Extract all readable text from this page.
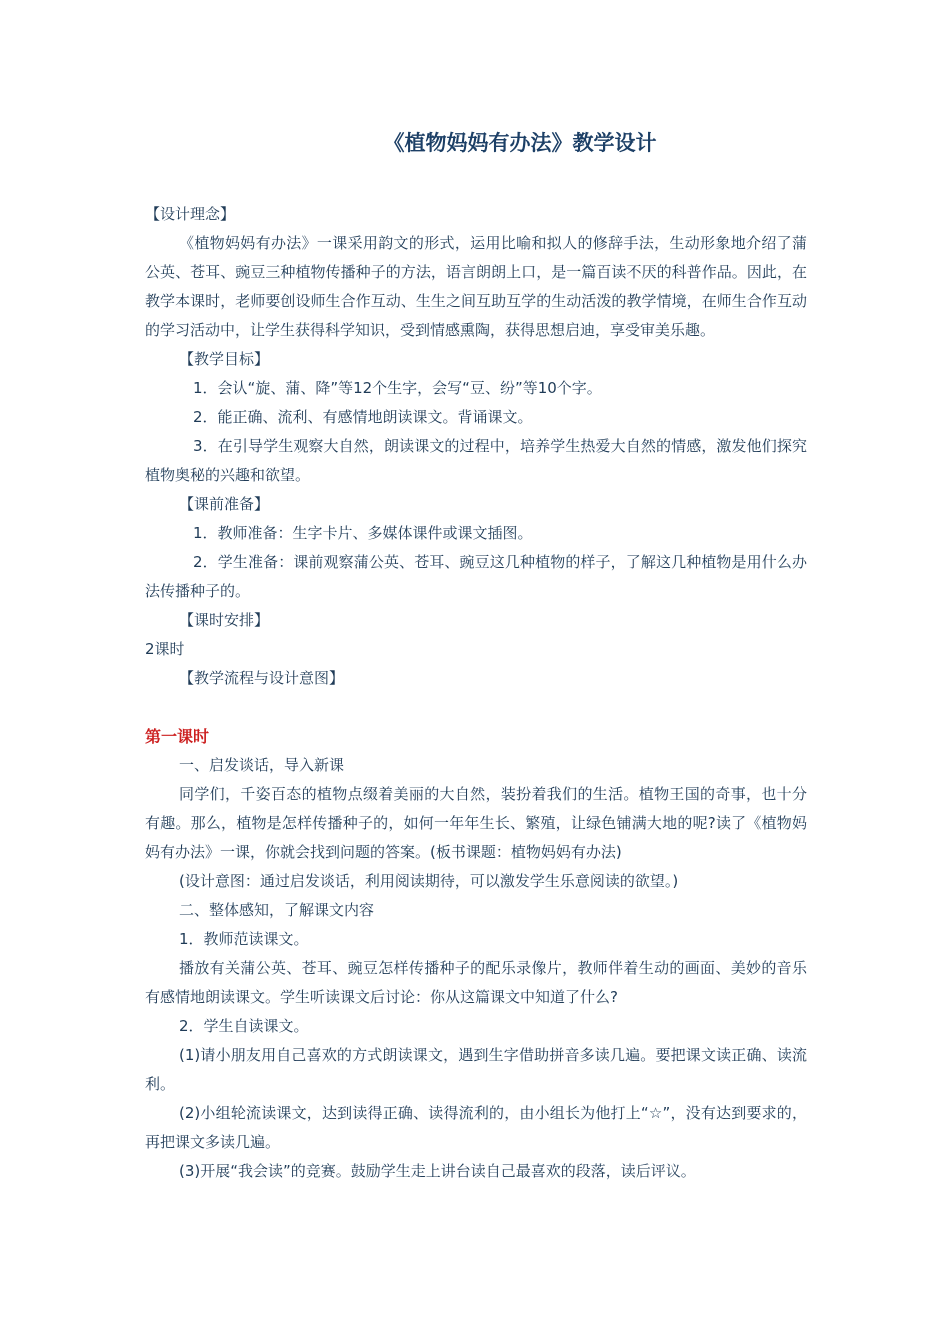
《植物妈妈有办法》教学设计

【设计理念】

《植物妈妈有办法》一课采用韵文的形式，运用比喻和拟人的修辞手法，生动形象地介绍了蒲公英、苍耳、豌豆三种植物传播种子的方法，语言朗朗上口，是一篇百读不厌的科普作品。因此，在教学本课时，老师要创设师生合作互动、生生之间互助互学的生动活泼的教学情境，在师生合作互动的学习活动中，让学生获得科学知识，受到情感熏陶，获得思想启迪，享受审美乐趣。

【教学目标】

1．会认“旋、蒲、降”等12个生字，会写“豆、纷”等10个字。

2．能正确、流利、有感情地朗读课文。背诵课文。

3．在引导学生观察大自然，朗读课文的过程中，培养学生热爱大自然的情感，激发他们探究植物奥秘的兴趣和欲望。

【课前准备】

1．教师准备：生字卡片、多媒体课件或课文插图。

2．学生准备：课前观察蒲公英、苍耳、豌豆这几种植物的样子，了解这几种植物是用什么办法传播种子的。

【课时安排】

2课时

【教学流程与设计意图】

第一课时

一、启发谈话，导入新课

同学们，千姿百态的植物点缀着美丽的大自然，装扮着我们的生活。植物王国的奇事，也十分有趣。那么，植物是怎样传播种子的，如何一年年生长、繁殖，让绿色铺满大地的呢?读了《植物妈妈有办法》一课，你就会找到问题的答案。(板书课题：植物妈妈有办法)

(设计意图：通过启发谈话，利用阅读期待，可以激发学生乐意阅读的欲望。)

二、整体感知，了解课文内容

1．教师范读课文。

播放有关蒲公英、苍耳、豌豆怎样传播种子的配乐录像片，教师伴着生动的画面、美妙的音乐有感情地朗读课文。学生听读课文后讨论：你从这篇课文中知道了什么?

2．学生自读课文。

(1)请小朋友用自己喜欢的方式朗读课文，遇到生字借助拼音多读几遍。要把课文读正确、读流利。

(2)小组轮流读课文，达到读得正确、读得流利的，由小组长为他打上“☆”，没有达到要求的，再把课文多读几遍。

(3)开展“我会读”的竞赛。鼓励学生走上讲台读自己最喜欢的段落，读后评议。
